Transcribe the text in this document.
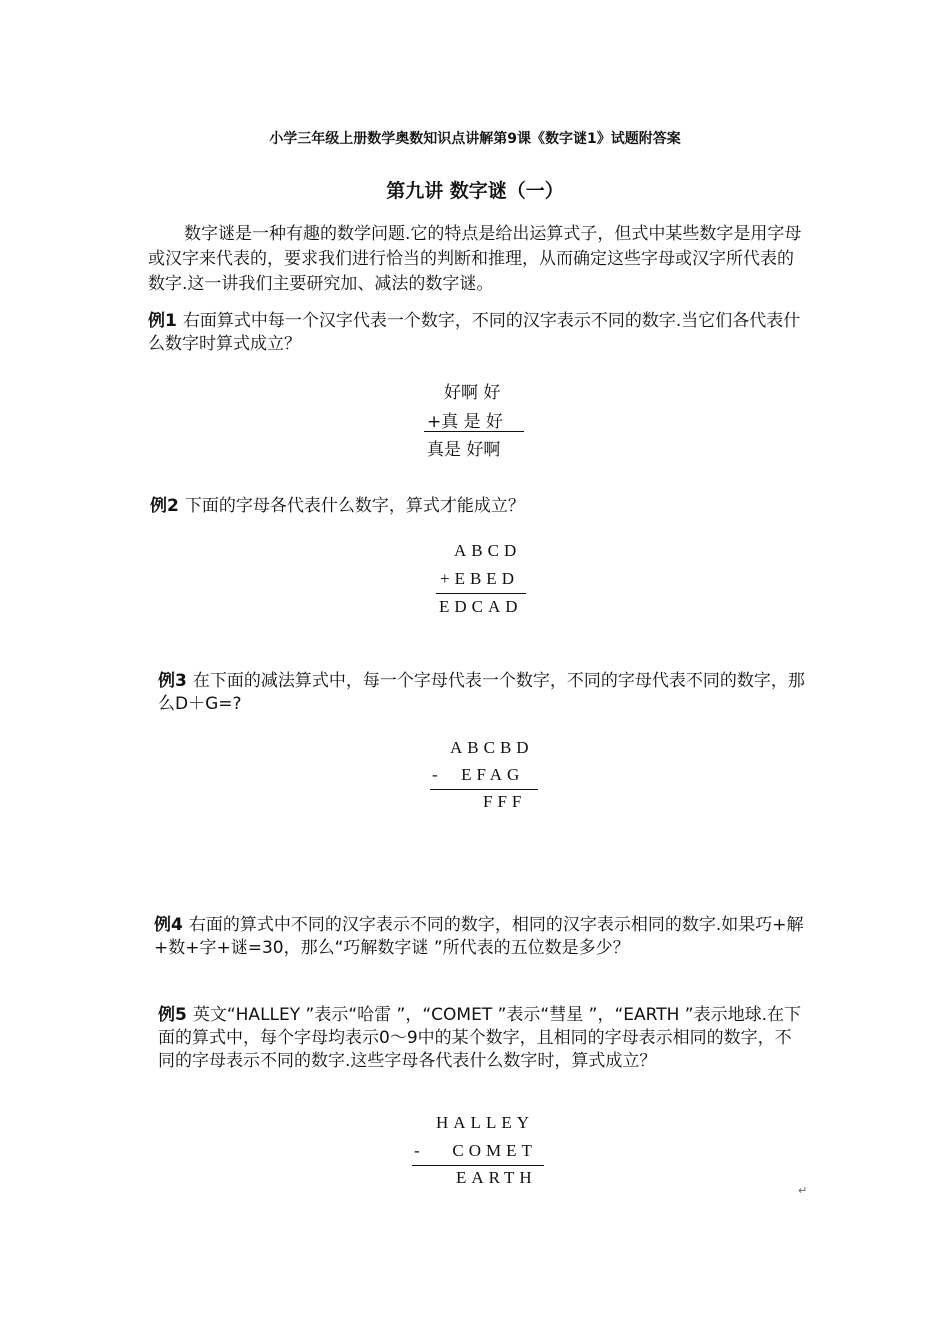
小学三年级上册数学奥数知识点讲解第9课《数字谜1》试题附答案
第九讲 数字谜（一）

数字谜是一种有趣的数学问题.它的特点是给出运算式子，但式中某些数字是用字母或汉字来代表的，要求我们进行恰当的判断和推理，从而确定这些字母或汉字所代表的数字.这一讲我们主要研究加、减法的数字谜。

例1 右面算式中每一个汉字代表一个数字，不同的汉字表示不同的数字.当它们各代表什么数字时算式成立？

好啊 好
+真 是 好
真是 好啊

例2 下面的字母各代表什么数字，算式才能成立？

ABCD
+EBED
EDCAD

例3 在下面的减法算式中，每一个字母代表一个数字，不同的字母代表不同的数字，那么D＋G=?

ABCBD
-  EFAG
FFF

例4 右面的算式中不同的汉字表示不同的数字，相同的汉字表示相同的数字.如果巧+解+数+字+谜=30，那么“巧解数字谜 ”所代表的五位数是多少？

例5 英文“HALLEY ”表示“哈雷 ”，“COMET ”表示“彗星 ”，“EARTH ”表示地球.在下面的算式中，每个字母均表示0～9中的某个数字，且相同的字母表示相同的数字，不同的字母表示不同的数字.这些字母各代表什么数字时，算式成立？

HALLEY
-   COMET
EARTH
↵
